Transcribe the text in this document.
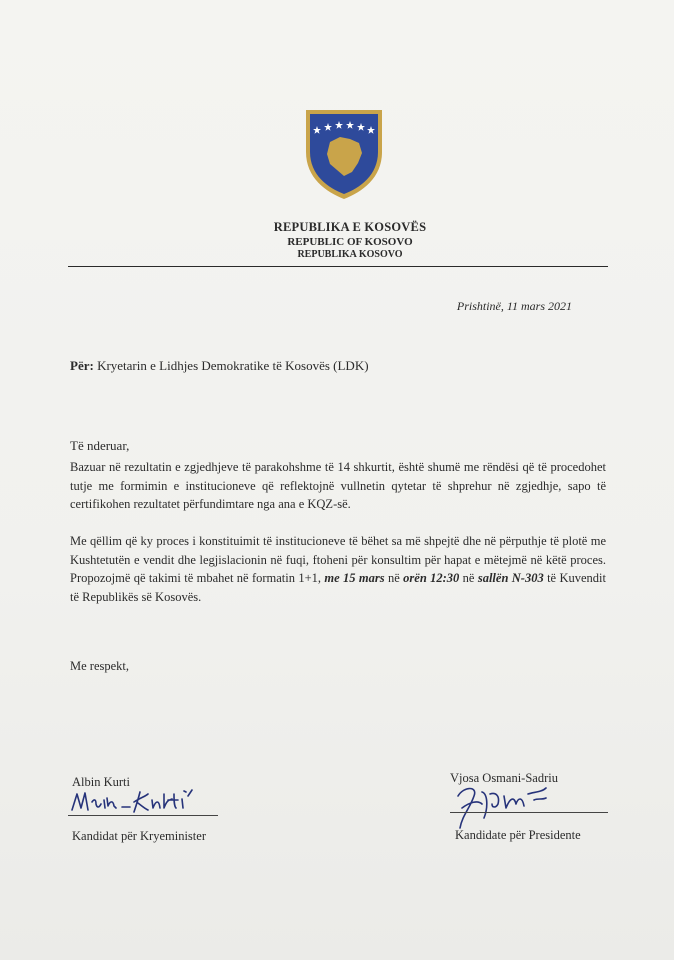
REPUBLIKA E KOSOVËS
REPUBLIC OF KOSOVO
REPUBLIKA KOSOVO
Prishtinë, 11 mars 2021
Për: Kryetarin e Lidhjes Demokratike të Kosovës (LDK)
Të nderuar,
Bazuar në rezultatin e zgjedhjeve të parakohshme të 14 shkurtit, është shumë me rëndësi që të procedohet tutje me formimin e institucioneve që reflektojnë vullnetin qytetar të shprehur në zgjedhje, sapo të certifikohen rezultatet përfundimtare nga ana e KQZ-së.
Me qëllim që ky proces i konstituimit të institucioneve të bëhet sa më shpejtë dhe në përputhje të plotë me Kushtetutën e vendit dhe legjislacionin në fuqi, ftoheni për konsultim për hapat e mëtejmë në këtë proces. Propozojmë që takimi të mbahet në formatin 1+1, me 15 mars në orën 12:30 në sallën N-303 të Kuvendit të Republikës së Kosovës.
Me respekt,
Albin Kurti
Kandidat për Kryeminister
Vjosa Osmani-Sadriu
Kandidate për Presidente
